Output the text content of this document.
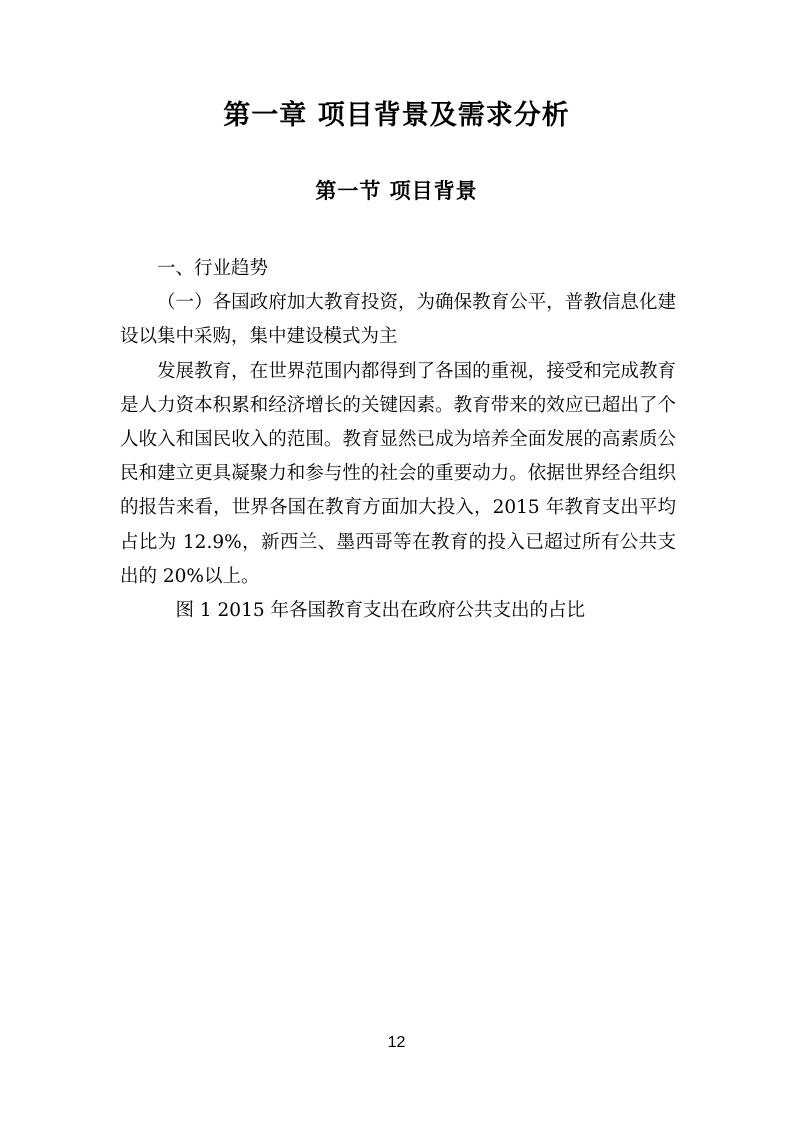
第一章 项目背景及需求分析
第一节 项目背景

一、行业趋势

（一）各国政府加大教育投资，为确保教育公平，普教信息化建设以集中采购，集中建设模式为主

发展教育，在世界范围内都得到了各国的重视，接受和完成教育是人力资本积累和经济增长的关键因素。教育带来的效应已超出了个人收入和国民收入的范围。教育显然已成为培养全面发展的高素质公民和建立更具凝聚力和参与性的社会的重要动力。依据世界经合组织的报告来看，世界各国在教育方面加大投入，2015 年教育支出平均占比为 12.9%，新西兰、墨西哥等在教育的投入已超过所有公共支出的 20%以上。

图 1 2015 年各国教育支出在政府公共支出的占比

12
